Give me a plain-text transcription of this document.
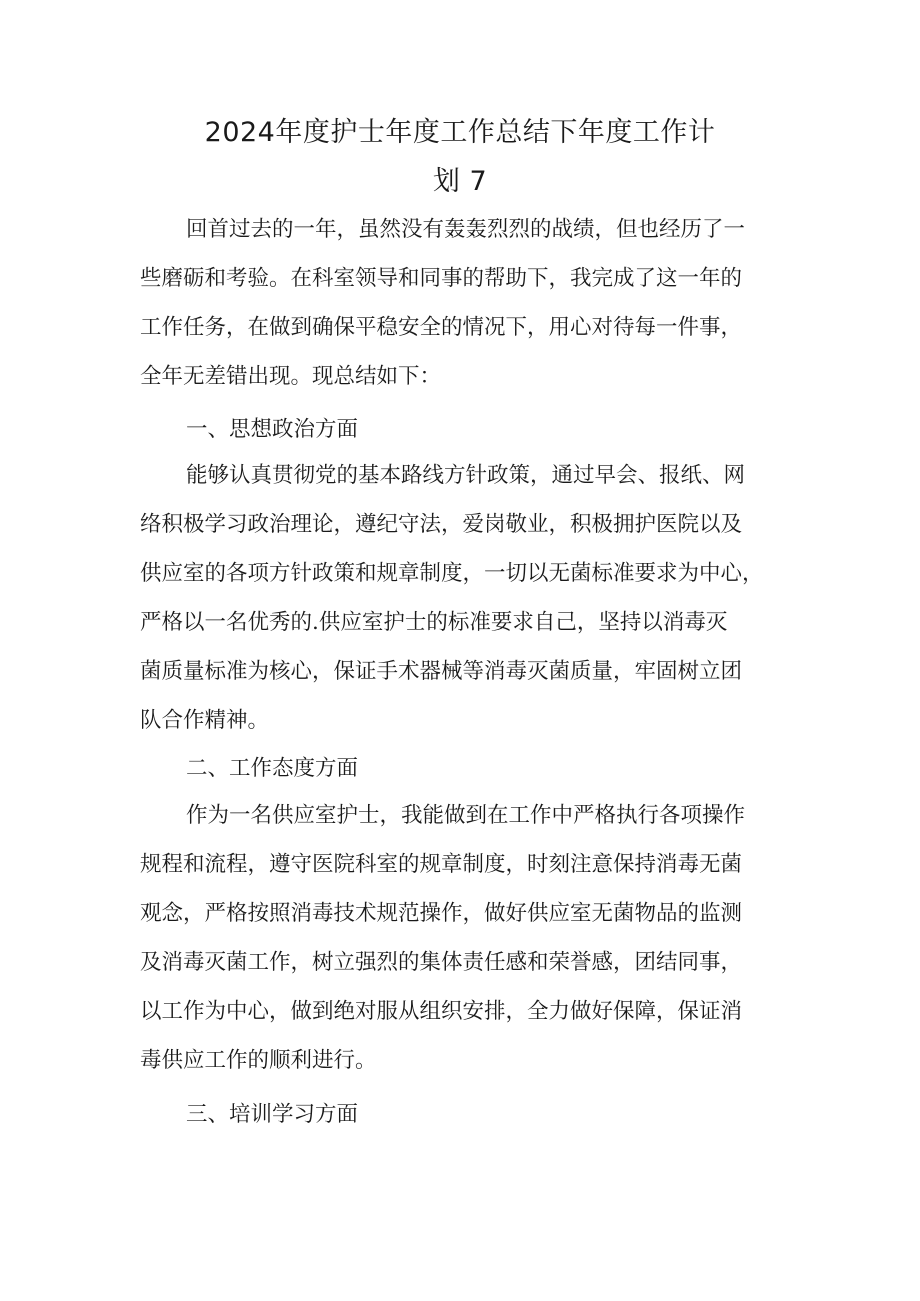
2024年度护士年度工作总结下年度工作计
划 7
回首过去的一年，虽然没有轰轰烈烈的战绩，但也经历了一
些磨砺和考验。在科室领导和同事的帮助下，我完成了这一年的
工作任务，在做到确保平稳安全的情况下，用心对待每一件事，
全年无差错出现。现总结如下：
一、思想政治方面
能够认真贯彻党的基本路线方针政策，通过早会、报纸、网
络积极学习政治理论，遵纪守法，爱岗敬业，积极拥护医院以及
供应室的各项方针政策和规章制度，一切以无菌标准要求为中心，
严格以一名优秀的.供应室护士的标准要求自己，坚持以消毒灭
菌质量标准为核心，保证手术器械等消毒灭菌质量，牢固树立团
队合作精神。
二、工作态度方面
作为一名供应室护士，我能做到在工作中严格执行各项操作
规程和流程，遵守医院科室的规章制度，时刻注意保持消毒无菌
观念，严格按照消毒技术规范操作，做好供应室无菌物品的监测
及消毒灭菌工作，树立强烈的集体责任感和荣誉感，团结同事，
以工作为中心，做到绝对服从组织安排，全力做好保障，保证消
毒供应工作的顺利进行。
三、培训学习方面
